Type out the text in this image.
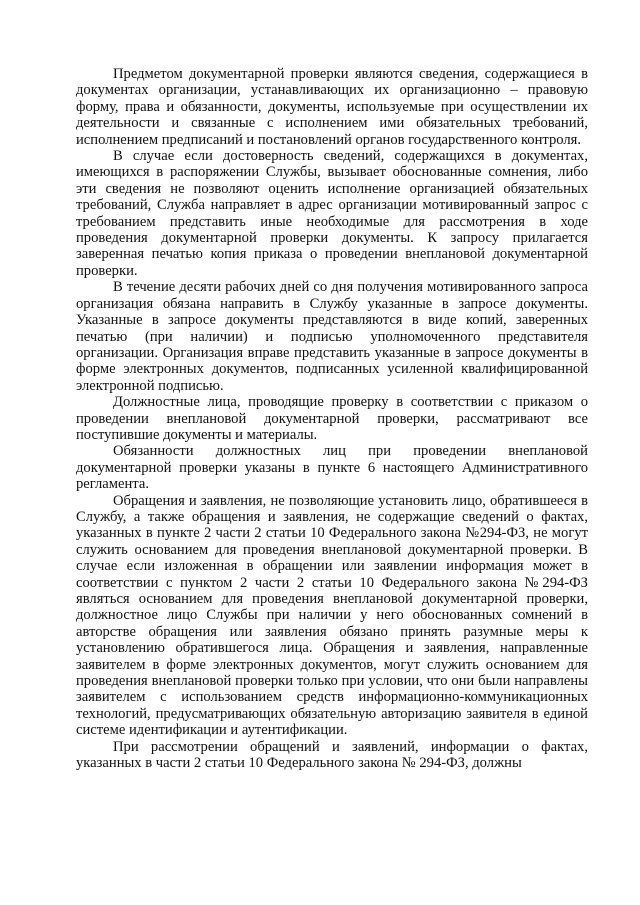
Предметом документарной проверки являются сведения, содержащиеся в документах организации, устанавливающих их организационно – правовую форму, права и обязанности, документы, используемые при осуществлении их деятельности и связанные с исполнением ими обязательных требований, исполнением предписаний и постановлений органов государственного контроля.

В случае если достоверность сведений, содержащихся в документах, имеющихся в распоряжении Службы, вызывает обоснованные сомнения, либо эти сведения не позволяют оценить исполнение организацией обязательных требований, Служба направляет в адрес организации мотивированный запрос с требованием представить иные необходимые для рассмотрения в ходе проведения документарной проверки документы. К запросу прилагается заверенная печатью копия приказа о проведении внеплановой документарной проверки.

В течение десяти рабочих дней со дня получения мотивированного запроса организация обязана направить в Службу указанные в запросе документы. Указанные в запросе документы представляются в виде копий, заверенных печатью (при наличии) и подписью уполномоченного представителя организации. Организация вправе представить указанные в запросе документы в форме электронных документов, подписанных усиленной квалифицированной электронной подписью.

Должностные лица, проводящие проверку в соответствии с приказом о проведении внеплановой документарной проверки, рассматривают все поступившие документы и материалы.

Обязанности должностных лиц при проведении внеплановой документарной проверки указаны в пункте 6 настоящего Административного регламента.

Обращения и заявления, не позволяющие установить лицо, обратившееся в Службу, а также обращения и заявления, не содержащие сведений о фактах, указанных в пункте 2 части 2 статьи 10 Федерального закона №294-ФЗ, не могут служить основанием для проведения внеплановой документарной проверки. В случае если изложенная в обращении или заявлении информация может в соответствии с пунктом 2 части 2 статьи 10 Федерального закона №294-ФЗ являться основанием для проведения внеплановой документарной проверки, должностное лицо Службы при наличии у него обоснованных сомнений в авторстве обращения или заявления обязано принять разумные меры к установлению обратившегося лица. Обращения и заявления, направленные заявителем в форме электронных документов, могут служить основанием для проведения внеплановой проверки только при условии, что они были направлены заявителем с использованием средств информационно-коммуникационных технологий, предусматривающих обязательную авторизацию заявителя в единой системе идентификации и аутентификации.

При рассмотрении обращений и заявлений, информации о фактах, указанных в части 2 статьи 10 Федерального закона № 294-ФЗ, должны
